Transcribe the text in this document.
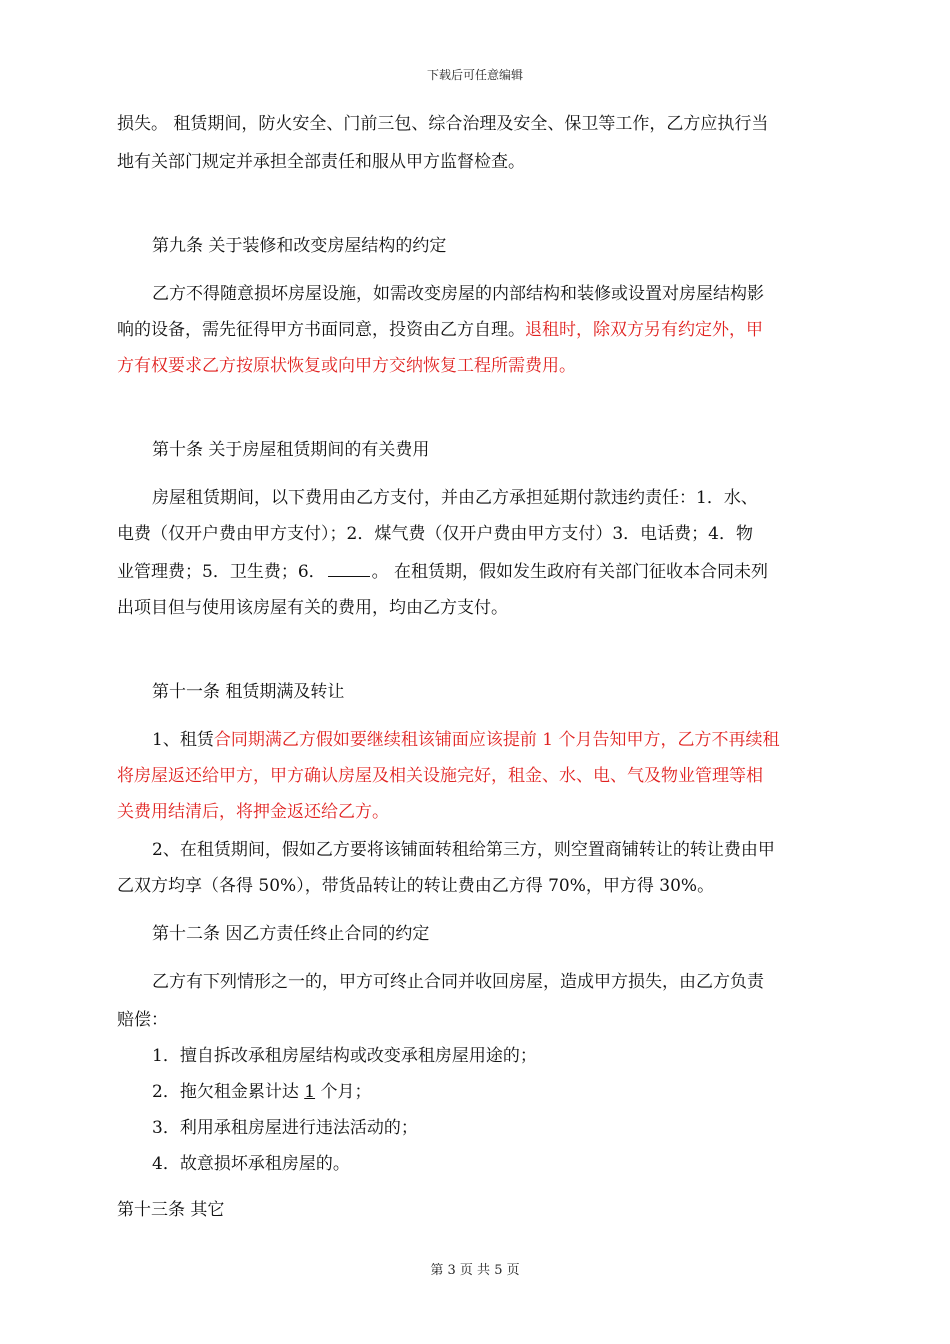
下载后可任意编辑
损失。 租赁期间，防火安全、门前三包、综合治理及安全、保卫等工作，乙方应执行当
地有关部门规定并承担全部责任和服从甲方监督检查。
第九条 关于装修和改变房屋结构的约定
乙方不得随意损坏房屋设施，如需改变房屋的内部结构和装修或设置对房屋结构影
响的设备，需先征得甲方书面同意，投资由乙方自理。退租时，除双方另有约定外，甲
方有权要求乙方按原状恢复或向甲方交纳恢复工程所需费用。
第十条 关于房屋租赁期间的有关费用
房屋租赁期间，以下费用由乙方支付，并由乙方承担延期付款违约责任：1．水、
电费（仅开户费由甲方支付）；2．煤气费（仅开户费由甲方支付）3．电话费；4．物
业管理费；5．卫生费；6．	。 在租赁期，假如发生政府有关部门征收本合同未列
出项目但与使用该房屋有关的费用，均由乙方支付。
第十一条 租赁期满及转让
1、租赁合同期满乙方假如要继续租该铺面应该提前 1 个月告知甲方，乙方不再续租
将房屋返还给甲方，甲方确认房屋及相关设施完好，租金、水、电、气及物业管理等相
关费用结清后，将押金返还给乙方。
2、在租赁期间，假如乙方要将该铺面转租给第三方，则空置商铺转让的转让费由甲
乙双方均享（各得 50%），带货品转让的转让费由乙方得 70%，甲方得 30%。
第十二条 因乙方责任终止合同的约定
乙方有下列情形之一的，甲方可终止合同并收回房屋，造成甲方损失，由乙方负责
赔偿：
1．擅自拆改承租房屋结构或改变承租房屋用途的；
2．拖欠租金累计达 1 个月；
3．利用承租房屋进行违法活动的；
4．故意损坏承租房屋的。
第十三条 其它
第 3 页 共 5 页
